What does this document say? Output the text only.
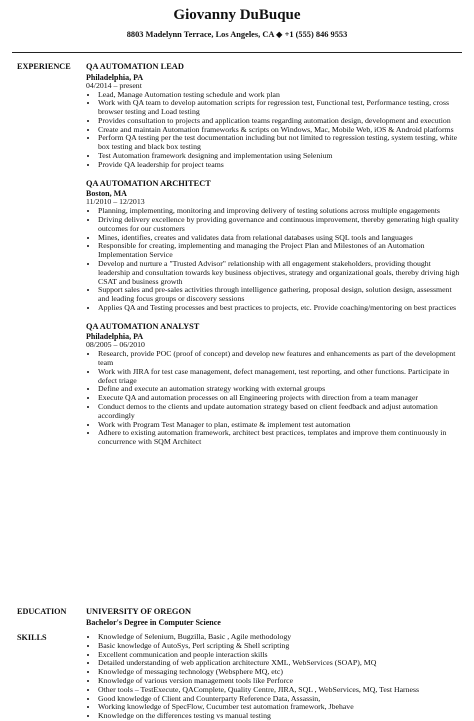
Giovanny DuBuque
8803 Madelynn Terrace, Los Angeles, CA ◆ +1 (555) 846 9553
EXPERIENCE	QA AUTOMATION LEAD
Philadelphia, PA
04/2014 – present
• Lead, Manage Automation testing schedule and work plan
• Work with QA team to develop automation scripts for regression test, Functional test, Performance testing, cross browser testing and Load testing
• Provides consultation to projects and application teams regarding automation design, development and execution
• Create and maintain Automation frameworks & scripts on Windows, Mac, Mobile Web, iOS & Android platforms
• Perform QA testing per the test documentation including but not limited to regression testing, system testing, white box testing and black box testing
• Test Automation framework designing and implementation using Selenium
• Provide QA leadership for project teams
QA AUTOMATION ARCHITECT
Boston, MA
11/2010 – 12/2013
• Planning, implementing, monitoring and improving delivery of testing solutions across multiple engagements
• Driving delivery excellence by providing governance and continuous improvement, thereby generating high quality outcomes for our customers
• Mines, identifies, creates and validates data from relational databases using SQL tools and languages
• Responsible for creating, implementing and managing the Project Plan and Milestones of an Automation Implementation Service
• Develop and nurture a "Trusted Advisor" relationship with all engagement stakeholders, providing thought leadership and consultation towards key business objectives, strategy and organizational goals, thereby driving high CSAT and business growth
• Support sales and pre-sales activities through intelligence gathering, proposal design, solution design, assessment and leading focus groups or discovery sessions
• Applies QA and Testing processes and best practices to projects, etc. Provide coaching/mentoring on best practices
QA AUTOMATION ANALYST
Philadelphia, PA
08/2005 – 06/2010
• Research, provide POC (proof of concept) and develop new features and enhancements as part of the development team
• Work with JIRA for test case management, defect management, test reporting, and other functions. Participate in defect triage
• Define and execute an automation strategy working with external groups
• Execute QA and automation processes on all Engineering projects with direction from a team manager
• Conduct demos to the clients and update automation strategy based on client feedback and adjust automation accordingly
• Work with Program Test Manager to plan, estimate & implement test automation
• Adhere to existing automation framework, architect best practices, templates and improve them continuously in concurrence with SQM Architect
EDUCATION	UNIVERSITY OF OREGON
Bachelor's Degree in Computer Science
SKILLS
•	Knowledge of Selenium, Bugzilla, Basic , Agile methodology
• Basic knowledge of AutoSys, Perl scripting & Shell scripting
• Excellent communication and people interaction skills
• Detailed understanding of web application architecture XML, WebServices (SOAP), MQ
• Knowledge of messaging technology (Websphere MQ, etc)
• Knowledge of various version management tools like Perforce
• Other tools – TestExecute, QAComplete, Quality Centre, JIRA, SQL , WebServices, MQ, Test Harness
• Good knowledge of Client and Counterparty Reference Data, Assassin,
• Working knowledge of SpecFlow, Cucumber test automation framework, Jbehave
• Knowledge on the differences testing vs manual testing
